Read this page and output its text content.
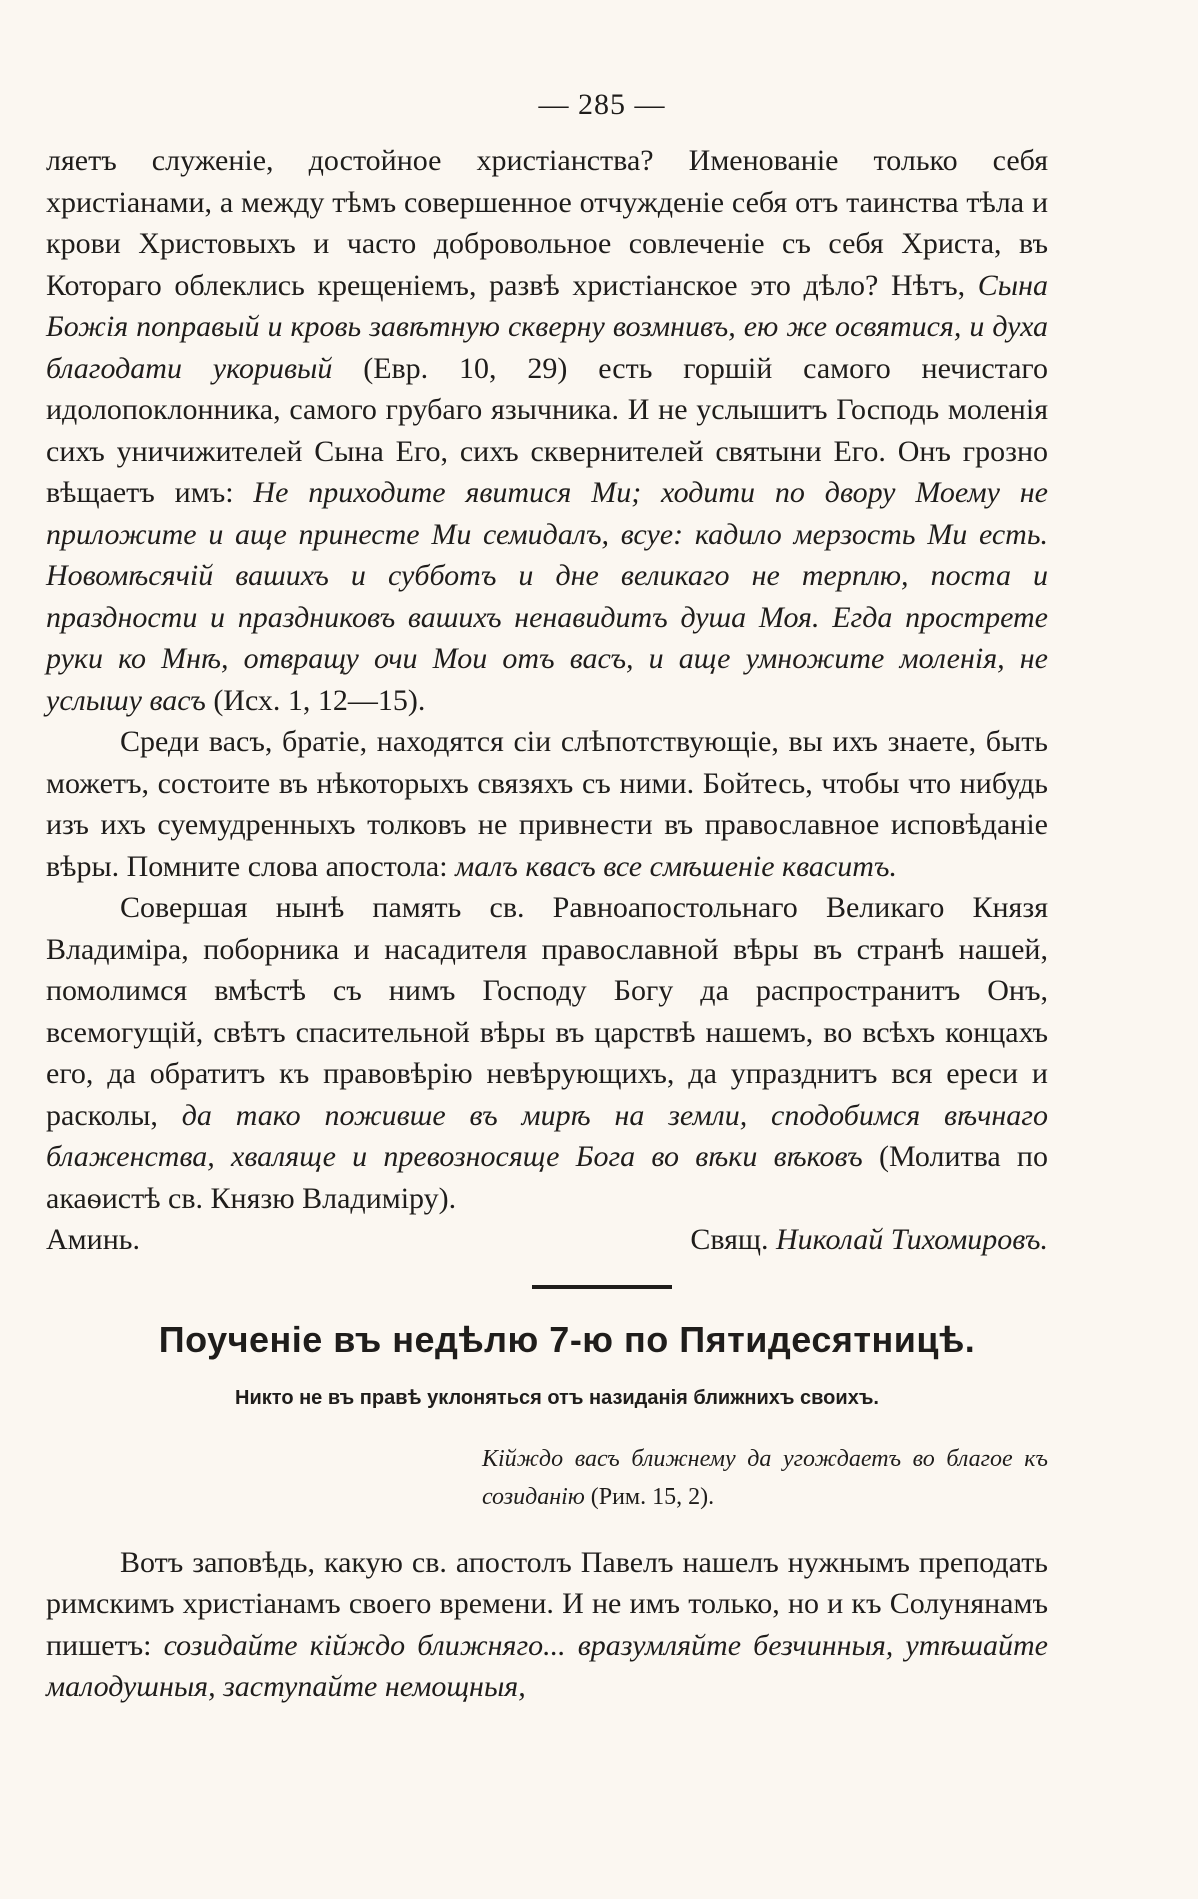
— 285 —

ляетъ служеніе, достойное христіанства? Именованіе только себя христіанами, а между тѣмъ совершенное отчужденіе себя отъ таинства тѣла и крови Христовыхъ и часто добровольное совлеченіе съ себя Христа, въ Котораго облеклись крещеніемъ, развѣ христіанское это дѣло? Нѣтъ, Сына Божія поправый и кровь завѣтную скверну возмнивъ, ею же освятися, и духа благодати укоривый (Евр. 10, 29) есть горшій самого нечистаго идолопоклонника, самого грубаго язычника. И не услышитъ Господь моленія сихъ уничижителей Сына Его, сихъ сквернителей святыни Его. Онъ грозно вѣщаетъ имъ: Не приходите явитися Ми; ходити по двору Моему не приложите и аще принесте Ми семидалъ, всуе: кадило мерзость Ми есть. Новомѣсячій вашихъ и субботъ и дне великаго не терплю, поста и праздности и праздниковъ вашихъ ненавидитъ душа Моя. Егда прострете руки ко Мнѣ, отвращу очи Мои отъ васъ, и аще умножите моленія, не услышу васъ (Исх. 1, 12—15).

Среди васъ, братіе, находятся сіи слѣпотствующіе, вы ихъ знаете, быть можетъ, состоите въ нѣкоторыхъ связяхъ съ ними. Бойтесь, чтобы что нибудь изъ ихъ суемудренныхъ толковъ не привнести въ православное исповѣданіе вѣры. Помните слова апостола: малъ квасъ все смѣшеніе кваситъ.

Совершая нынѣ память св. Равноапостольнаго Великаго Князя Владиміра, поборника и насадителя православной вѣры въ странѣ нашей, помолимся вмѣстѣ съ нимъ Господу Богу да распространитъ Онъ, всемогущій, свѣтъ спасительной вѣры въ царствѣ нашемъ, во всѣхъ концахъ его, да обратитъ къ правовѣрію невѣрующихъ, да упразднитъ вся ереси и расколы, да тако поживше въ мирѣ на земли, сподобимся вѣчнаго блаженства, хваляще и превозносяще Бога во вѣки вѣковъ (Молитва по акаѳистѣ св. Князю Владиміру).

Аминь.	Свящ. Николай Тихомировъ.
Поученіе въ недѣлю 7-ю по Пятидесятницѣ.
Никто не въ правѣ уклоняться отъ назиданія ближнихъ своихъ.
Кійждо васъ ближнему да угождаетъ во благое къ созиданію (Рим. 15, 2).

Вотъ заповѣдь, какую св. апостолъ Павелъ нашелъ нужнымъ преподать римскимъ христіанамъ своего времени. И не имъ только, но и къ Солунянамъ пишетъ: созидайте кійждо ближняго... вразумляйте безчинныя, утѣшайте малодушныя, заступайте немощныя,
